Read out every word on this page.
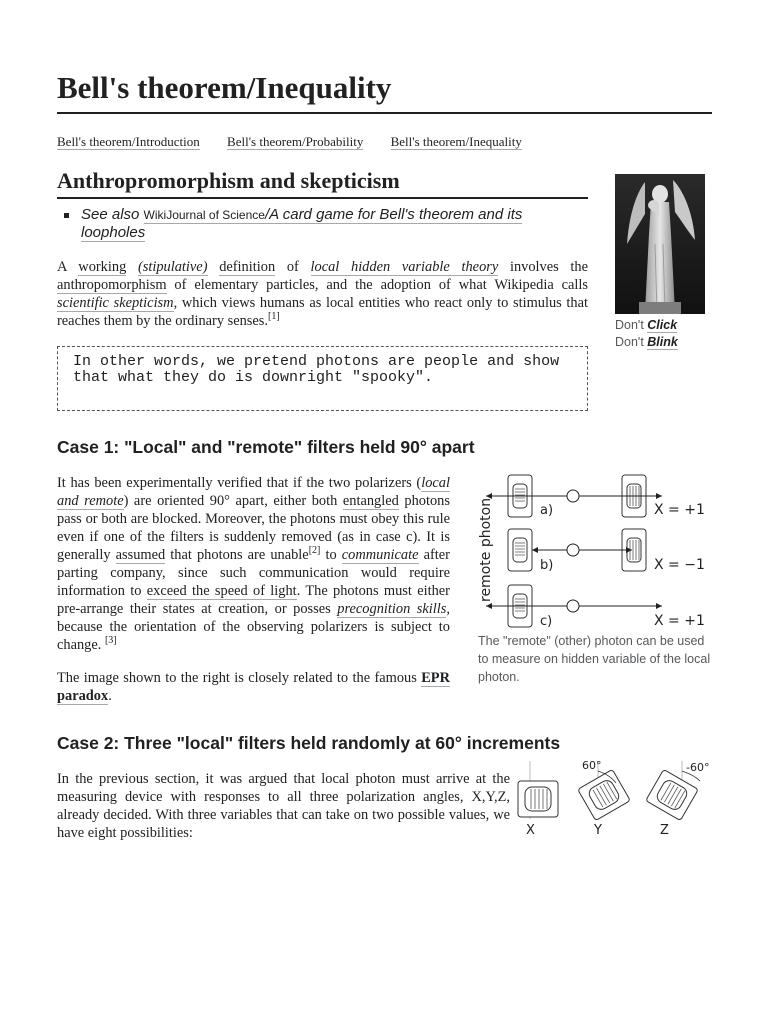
Bell's theorem/Inequality
Bell's theorem/Introduction Bell's theorem/Probability Bell's theorem/Inequality
Anthropromorphism and skepticism
See also WikiJournal of Science/A card game for Bell's theorem and its loopholes
A working (stipulative) definition of local hidden variable theory involves the anthropomorphism of elementary particles, and the adoption of what Wikipedia calls scientific skepticism, which views humans as local entities who react only to stimulus that reaches them by the ordinary senses.[1]
In other words, we pretend photons are people and show that what they do is downright "spooky".
Don't Click
Don't Blink
Case 1: "Local" and "remote" filters held 90° apart
It has been experimentally verified that if the two polarizers (local and remote) are oriented 90° apart, either both entangled photons pass or both are blocked. Moreover, the photons must obey this rule even if one of the filters is suddenly removed (as in case c). It is generally assumed that photons are unable[2] to communicate after parting company, since such communication would require information to exceed the speed of light. The photons must either pre-arrange their states at creation, or posses precognition skills, because the orientation of the observing polarizers is subject to change. [3]
The image shown to the right is closely related to the famous EPR paradox.
remote photon	a)	X = +1
b)	X = −1
c)	X = +1
The "remote" (other) photon can be used to measure on hidden variable of the local photon.
Case 2: Three "local" filters held randomly at 60° increments
In the previous section, it was argued that local photon must arrive at the measuring device with responses to all three polarization angles, X,Y,Z, already decided. With three variables that can take on two possible values, we have eight possibilities:
60°	-60°
X	Y	Z
